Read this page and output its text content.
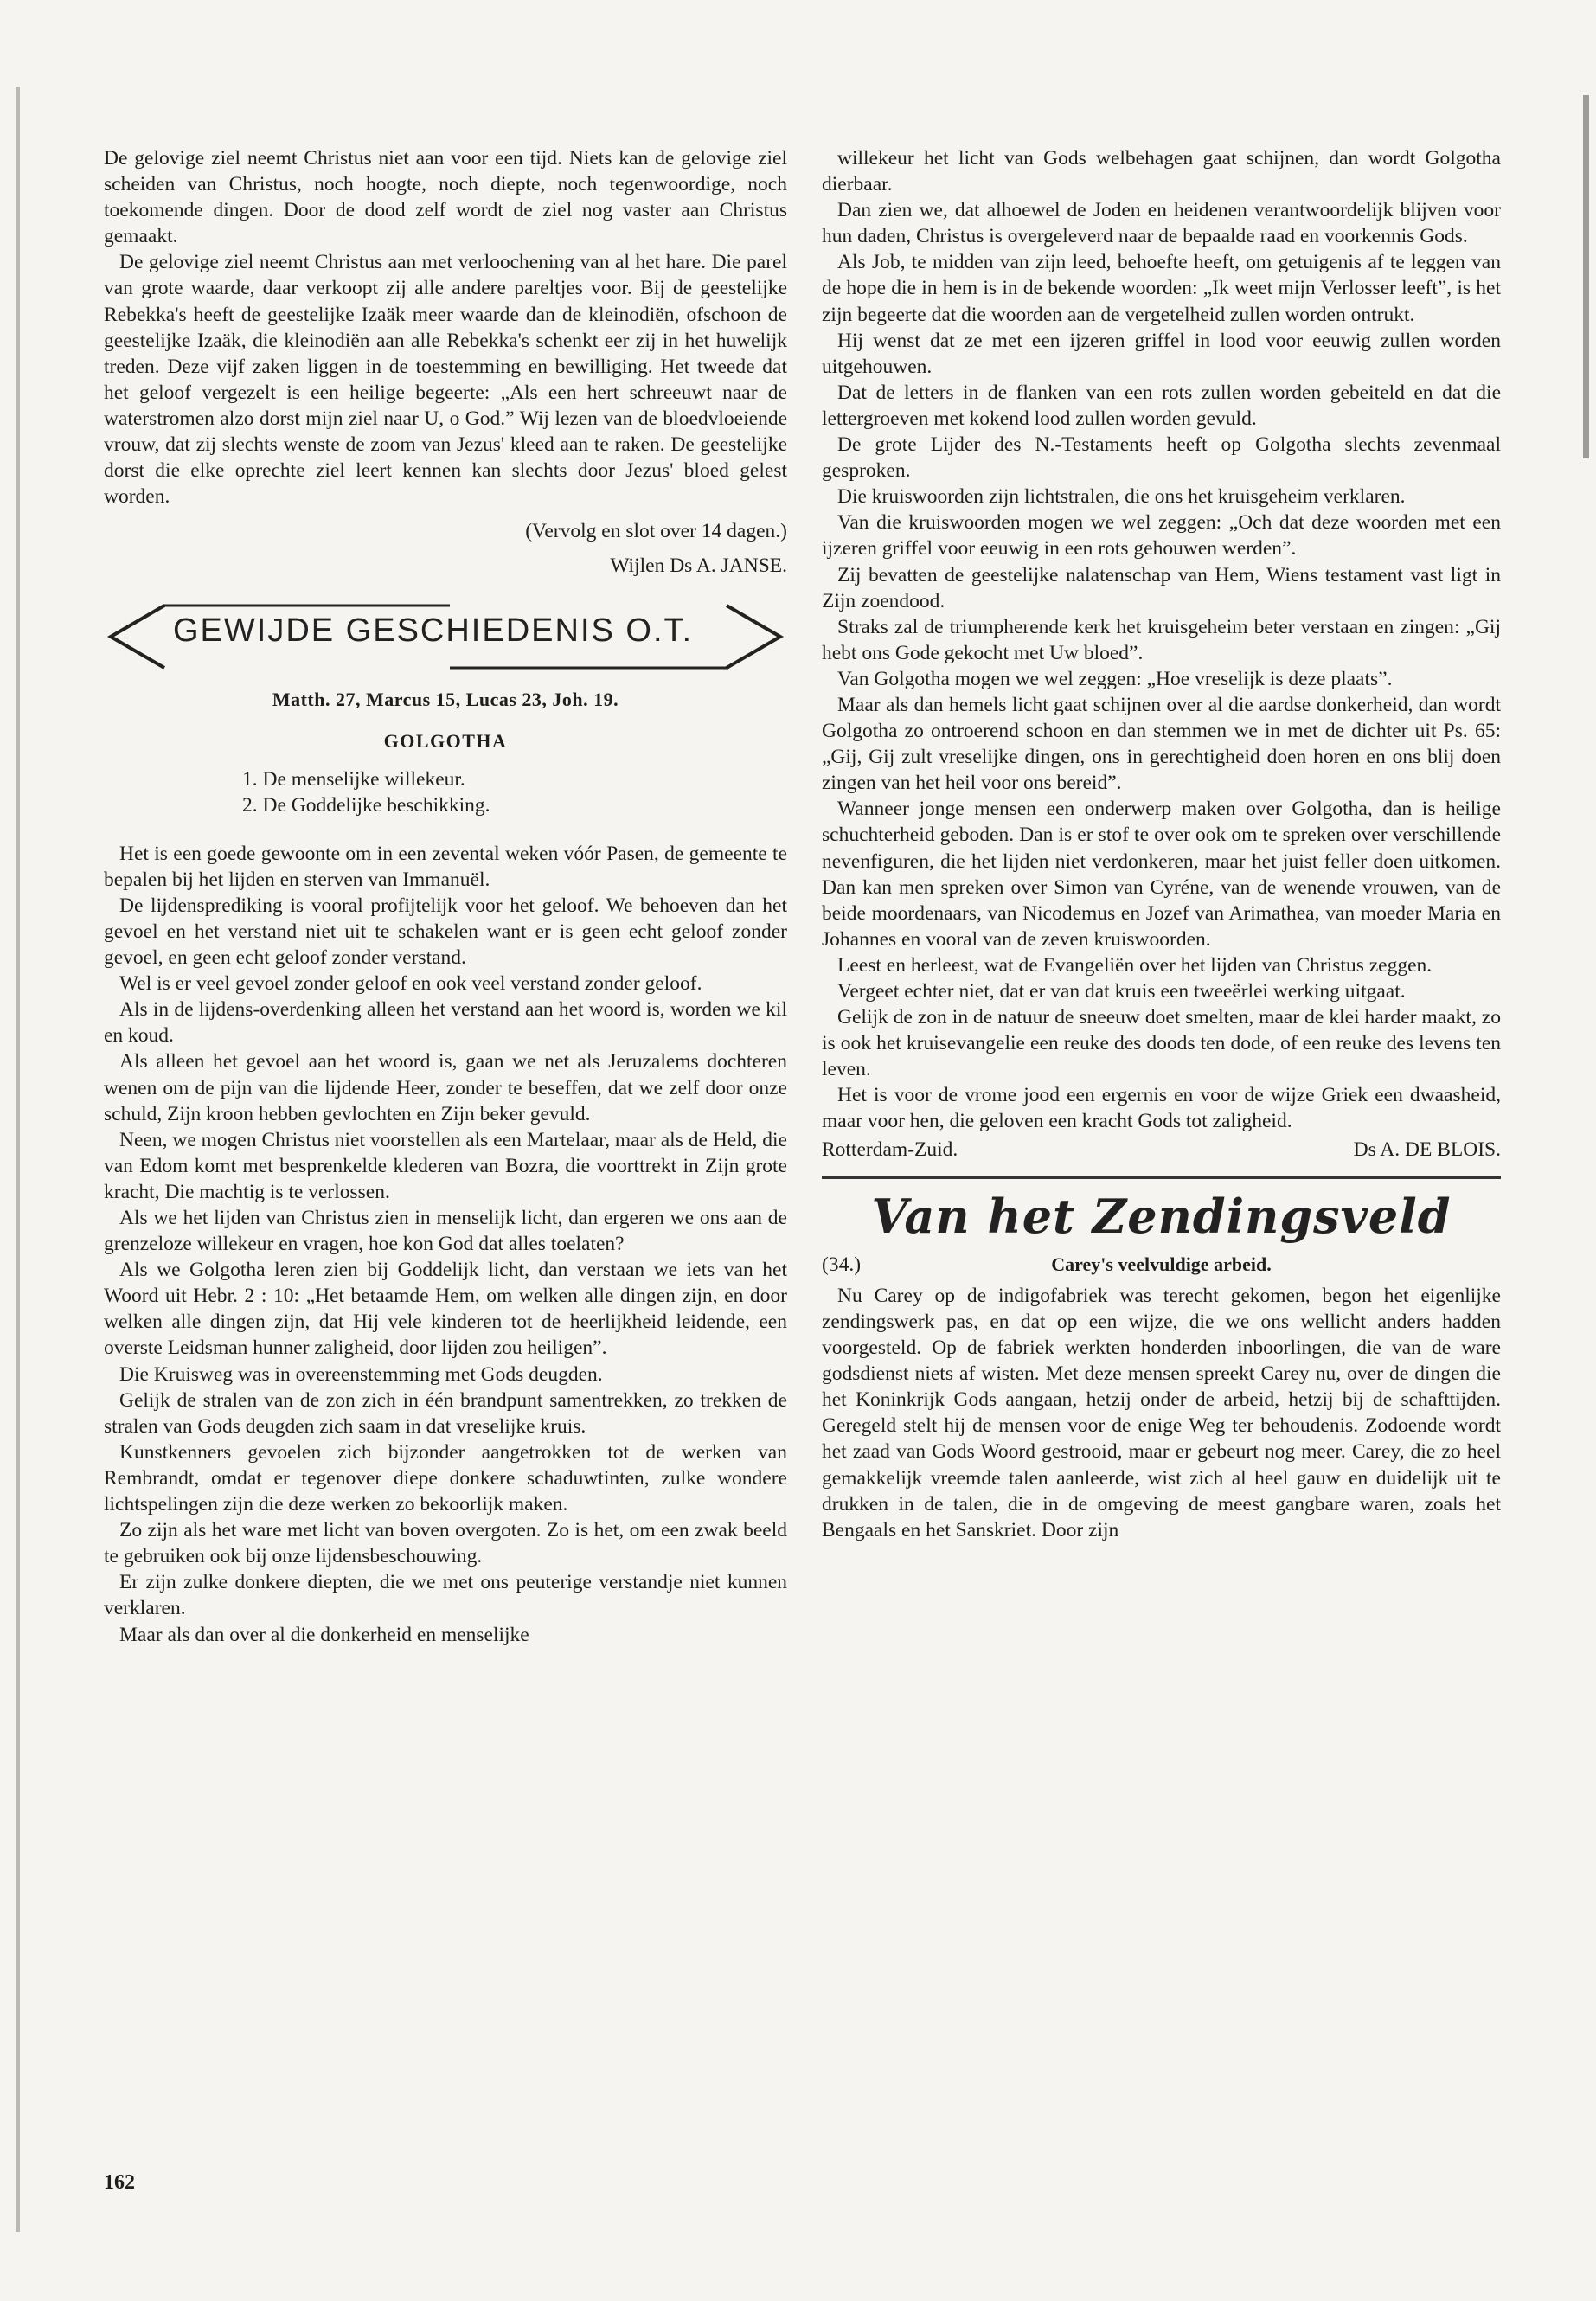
De gelovige ziel neemt Christus niet aan voor een tijd. Niets kan de gelovige ziel scheiden van Christus, noch hoogte, noch diepte, noch tegenwoordige, noch toekomende dingen. Door de dood zelf wordt de ziel nog vaster aan Christus gemaakt.

De gelovige ziel neemt Christus aan met verloochening van al het hare. Die parel van grote waarde, daar verkoopt zij alle andere pareltjes voor. Bij de geestelijke Rebekka's heeft de geestelijke Izaäk meer waarde dan de kleinodiën, ofschoon de geestelijke Izaäk, die kleinodiën aan alle Rebekka's schenkt eer zij in het huwelijk treden. Deze vijf zaken liggen in de toestemming en bewilliging. Het tweede dat het geloof vergezelt is een heilige begeerte: „Als een hert schreeuwt naar de waterstromen alzo dorst mijn ziel naar U, o God.” Wij lezen van de bloedvloeiende vrouw, dat zij slechts wenste de zoom van Jezus' kleed aan te raken. De geestelijke dorst die elke oprechte ziel leert kennen kan slechts door Jezus' bloed gelest worden.

(Vervolg en slot over 14 dagen.)

Wijlen Ds A. JANSE.

GEWIJDE GESCHIEDENIS O.T.
Matth. 27, Marcus 15, Lucas 23, Joh. 19.
GOLGOTHA
1. De menselijke willekeur.
2. De Goddelijke beschikking.

Het is een goede gewoonte om in een zevental weken vóór Pasen, de gemeente te bepalen bij het lijden en sterven van Immanuël.

De lijdensprediking is vooral profijtelijk voor het geloof. We behoeven dan het gevoel en het verstand niet uit te schakelen want er is geen echt geloof zonder gevoel, en geen echt geloof zonder verstand.

Wel is er veel gevoel zonder geloof en ook veel verstand zonder geloof.

Als in de lijdens-overdenking alleen het verstand aan het woord is, worden we kil en koud.

Als alleen het gevoel aan het woord is, gaan we net als Jeruzalems dochteren wenen om de pijn van die lijdende Heer, zonder te beseffen, dat we zelf door onze schuld, Zijn kroon hebben gevlochten en Zijn beker gevuld.

Neen, we mogen Christus niet voorstellen als een Martelaar, maar als de Held, die van Edom komt met besprenkelde klederen van Bozra, die voorttrekt in Zijn grote kracht, Die machtig is te verlossen.

Als we het lijden van Christus zien in menselijk licht, dan ergeren we ons aan de grenzeloze willekeur en vragen, hoe kon God dat alles toelaten?

Als we Golgotha leren zien bij Goddelijk licht, dan verstaan we iets van het Woord uit Hebr. 2 : 10: „Het betaamde Hem, om welken alle dingen zijn, en door welken alle dingen zijn, dat Hij vele kinderen tot de heerlijkheid leidende, een overste Leidsman hunner zaligheid, door lijden zou heiligen”.

Die Kruisweg was in overeenstemming met Gods deugden.

Gelijk de stralen van de zon zich in één brandpunt samentrekken, zo trekken de stralen van Gods deugden zich saam in dat vreselijke kruis.

Kunstkenners gevoelen zich bijzonder aangetrokken tot de werken van Rembrandt, omdat er tegenover diepe donkere schaduwtinten, zulke wondere lichtspelingen zijn die deze werken zo bekoorlijk maken.

Zo zijn als het ware met licht van boven overgoten. Zo is het, om een zwak beeld te gebruiken ook bij onze lijdensbeschouwing.

Er zijn zulke donkere diepten, die we met ons peuterige verstandje niet kunnen verklaren.

Maar als dan over al die donkerheid en menselijke

willekeur het licht van Gods welbehagen gaat schijnen, dan wordt Golgotha dierbaar.

Dan zien we, dat alhoewel de Joden en heidenen verantwoordelijk blijven voor hun daden, Christus is overgeleverd naar de bepaalde raad en voorkennis Gods.

Als Job, te midden van zijn leed, behoefte heeft, om getuigenis af te leggen van de hope die in hem is in de bekende woorden: „Ik weet mijn Verlosser leeft”, is het zijn begeerte dat die woorden aan de vergetelheid zullen worden ontrukt.

Hij wenst dat ze met een ijzeren griffel in lood voor eeuwig zullen worden uitgehouwen.

Dat de letters in de flanken van een rots zullen worden gebeiteld en dat die lettergroeven met kokend lood zullen worden gevuld.

De grote Lijder des N.-Testaments heeft op Golgotha slechts zevenmaal gesproken.

Die kruiswoorden zijn lichtstralen, die ons het kruisgeheim verklaren.

Van die kruiswoorden mogen we wel zeggen: „Och dat deze woorden met een ijzeren griffel voor eeuwig in een rots gehouwen werden”.

Zij bevatten de geestelijke nalatenschap van Hem, Wiens testament vast ligt in Zijn zoendood.

Straks zal de triumpherende kerk het kruisgeheim beter verstaan en zingen: „Gij hebt ons Gode gekocht met Uw bloed”.

Van Golgotha mogen we wel zeggen: „Hoe vreselijk is deze plaats”.

Maar als dan hemels licht gaat schijnen over al die aardse donkerheid, dan wordt Golgotha zo ontroerend schoon en dan stemmen we in met de dichter uit Ps. 65: „Gij, Gij zult vreselijke dingen, ons in gerechtigheid doen horen en ons blij doen zingen van het heil voor ons bereid”.

Wanneer jonge mensen een onderwerp maken over Golgotha, dan is heilige schuchterheid geboden. Dan is er stof te over ook om te spreken over verschillende nevenfiguren, die het lijden niet verdonkeren, maar het juist feller doen uitkomen. Dan kan men spreken over Simon van Cyréne, van de wenende vrouwen, van de beide moordenaars, van Nicodemus en Jozef van Arimathea, van moeder Maria en Johannes en vooral van de zeven kruiswoorden.

Leest en herleest, wat de Evangeliën over het lijden van Christus zeggen.

Vergeet echter niet, dat er van dat kruis een tweeërlei werking uitgaat.

Gelijk de zon in de natuur de sneeuw doet smelten, maar de klei harder maakt, zo is ook het kruisevangelie een reuke des doods ten dode, of een reuke des levens ten leven.

Het is voor de vrome jood een ergernis en voor de wijze Griek een dwaasheid, maar voor hen, die geloven een kracht Gods tot zaligheid.

Rotterdam-Zuid.	Ds A. DE BLOIS.
Van het Zendingsveld
(34.)	Carey's veelvuldige arbeid.

Nu Carey op de indigofabriek was terecht gekomen, begon het eigenlijke zendingswerk pas, en dat op een wijze, die we ons wellicht anders hadden voorgesteld. Op de fabriek werkten honderden inboorlingen, die van de ware godsdienst niets af wisten. Met deze mensen spreekt Carey nu, over de dingen die het Koninkrijk Gods aangaan, hetzij onder de arbeid, hetzij bij de schafttijden. Geregeld stelt hij de mensen voor de enige Weg ter behoudenis. Zodoende wordt het zaad van Gods Woord gestrooid, maar er gebeurt nog meer. Carey, die zo heel gemakkelijk vreemde talen aanleerde, wist zich al heel gauw en duidelijk uit te drukken in de talen, die in de omgeving de meest gangbare waren, zoals het Bengaals en het Sanskriet. Door zijn

162
